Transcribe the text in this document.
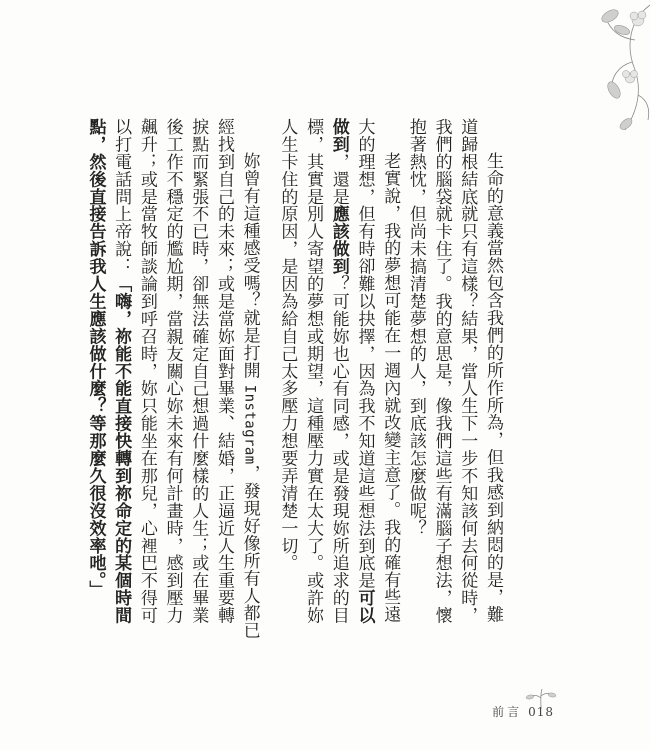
生命的意義當然包含我們的所作所為，但我感到納悶的是，難道歸根結底就只有這樣？結果，當人生下一步不知該何去何從時，我們的腦袋就卡住了。我的意思是，像我們這些有滿腦子想法，懷抱著熱忱，但尚未搞清楚夢想的人，到底該怎麼做呢？

老實說，我的夢想可能在一週內就改變主意了。我的確有些遠大的理想，但有時卻難以抉擇，因為我不知道這些想法到底是可以做到，還是應該做到？可能妳也心有同感，或是發現妳所追求的目標，其實是別人寄望的夢想或期望，這種壓力實在太大了。或許妳人生卡住的原因，是因為給自己太多壓力想要弄清楚一切。

妳曾有這種感受嗎？就是打開 Instagram，發現好像所有人都已經找到自己的未來；或是當妳面對畢業、結婚，正逼近人生重要轉捩點而緊張不已時，卻無法確定自己想過什麼樣的人生；或在畢業後工作不穩定的尷尬期，當親友關心妳未來有何計畫時，感到壓力飆升；或是當牧師談論到呼召時，妳只能坐在那兒，心裡巴不得可以打電話問上帝說：「嗨，祢能不能直接快轉到祢命定的某個時間點，然後直接告訴我人生應該做什麼？等那麼久很沒效率吔。」

前言 018
